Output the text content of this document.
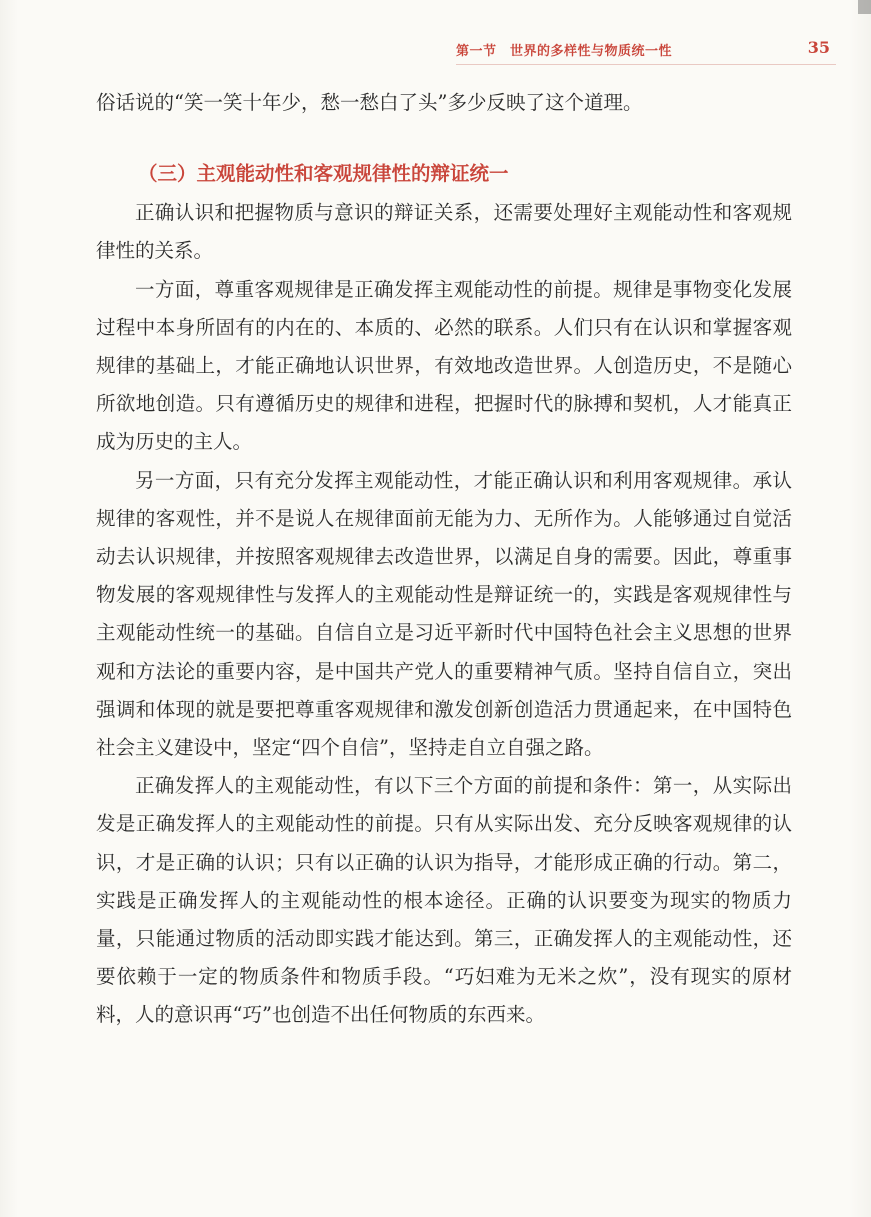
第一节　世界的多样性与物质统一性	35

俗话说的“笑一笑十年少，愁一愁白了头”多少反映了这个道理。

（三）主观能动性和客观规律性的辩证统一

正确认识和把握物质与意识的辩证关系，还需要处理好主观能动性和客观规律性的关系。

一方面，尊重客观规律是正确发挥主观能动性的前提。规律是事物变化发展过程中本身所固有的内在的、本质的、必然的联系。人们只有在认识和掌握客观规律的基础上，才能正确地认识世界，有效地改造世界。人创造历史，不是随心所欲地创造。只有遵循历史的规律和进程，把握时代的脉搏和契机，人才能真正成为历史的主人。

另一方面，只有充分发挥主观能动性，才能正确认识和利用客观规律。承认规律的客观性，并不是说人在规律面前无能为力、无所作为。人能够通过自觉活动去认识规律，并按照客观规律去改造世界，以满足自身的需要。因此，尊重事物发展的客观规律性与发挥人的主观能动性是辩证统一的，实践是客观规律性与主观能动性统一的基础。自信自立是习近平新时代中国特色社会主义思想的世界观和方法论的重要内容，是中国共产党人的重要精神气质。坚持自信自立，突出强调和体现的就是要把尊重客观规律和激发创新创造活力贯通起来，在中国特色社会主义建设中，坚定“四个自信”，坚持走自立自强之路。

正确发挥人的主观能动性，有以下三个方面的前提和条件：第一，从实际出发是正确发挥人的主观能动性的前提。只有从实际出发、充分反映客观规律的认识，才是正确的认识；只有以正确的认识为指导，才能形成正确的行动。第二，实践是正确发挥人的主观能动性的根本途径。正确的认识要变为现实的物质力量，只能通过物质的活动即实践才能达到。第三，正确发挥人的主观能动性，还要依赖于一定的物质条件和物质手段。“巧妇难为无米之炊”，没有现实的原材料，人的意识再“巧”也创造不出任何物质的东西来。
